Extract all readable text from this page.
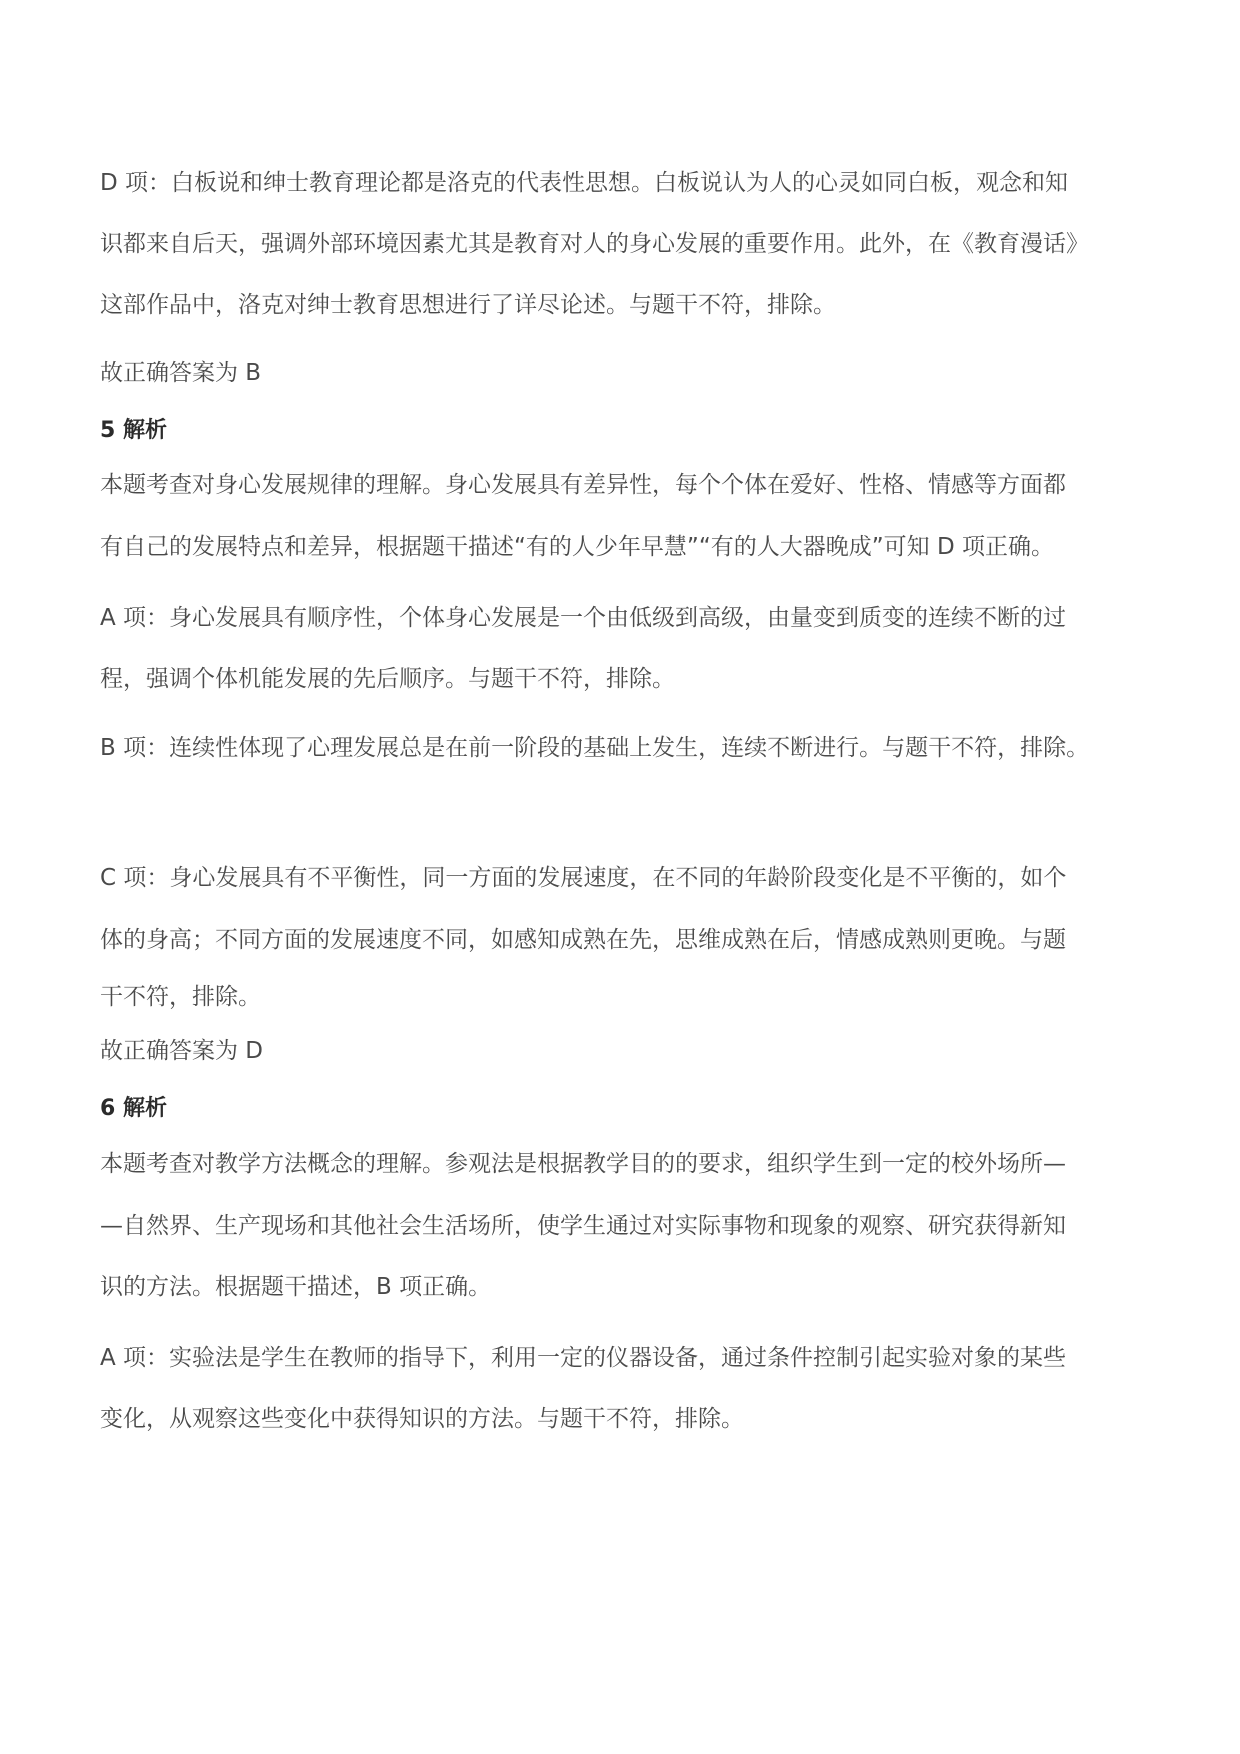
D 项：白板说和绅士教育理论都是洛克的代表性思想。白板说认为人的心灵如同白板，观念和知
识都来自后天，强调外部环境因素尤其是教育对人的身心发展的重要作用。此外，在《教育漫话》
这部作品中，洛克对绅士教育思想进行了详尽论述。与题干不符，排除。
故正确答案为 B
5 解析
本题考查对身心发展规律的理解。身心发展具有差异性，每个个体在爱好、性格、情感等方面都
有自己的发展特点和差异，根据题干描述“有的人少年早慧”“有的人大器晚成”可知 D 项正确。
A 项：身心发展具有顺序性，个体身心发展是一个由低级到高级，由量变到质变的连续不断的过
程，强调个体机能发展的先后顺序。与题干不符，排除。
B 项：连续性体现了心理发展总是在前一阶段的基础上发生，连续不断进行。与题干不符，排除。
C 项：身心发展具有不平衡性，同一方面的发展速度，在不同的年龄阶段变化是不平衡的，如个
体的身高；不同方面的发展速度不同，如感知成熟在先，思维成熟在后，情感成熟则更晚。与题
干不符，排除。
故正确答案为 D
6 解析
本题考查对教学方法概念的理解。参观法是根据教学目的的要求，组织学生到一定的校外场所—
—自然界、生产现场和其他社会生活场所，使学生通过对实际事物和现象的观察、研究获得新知
识的方法。根据题干描述，B 项正确。
A 项：实验法是学生在教师的指导下，利用一定的仪器设备，通过条件控制引起实验对象的某些
变化，从观察这些变化中获得知识的方法。与题干不符，排除。
